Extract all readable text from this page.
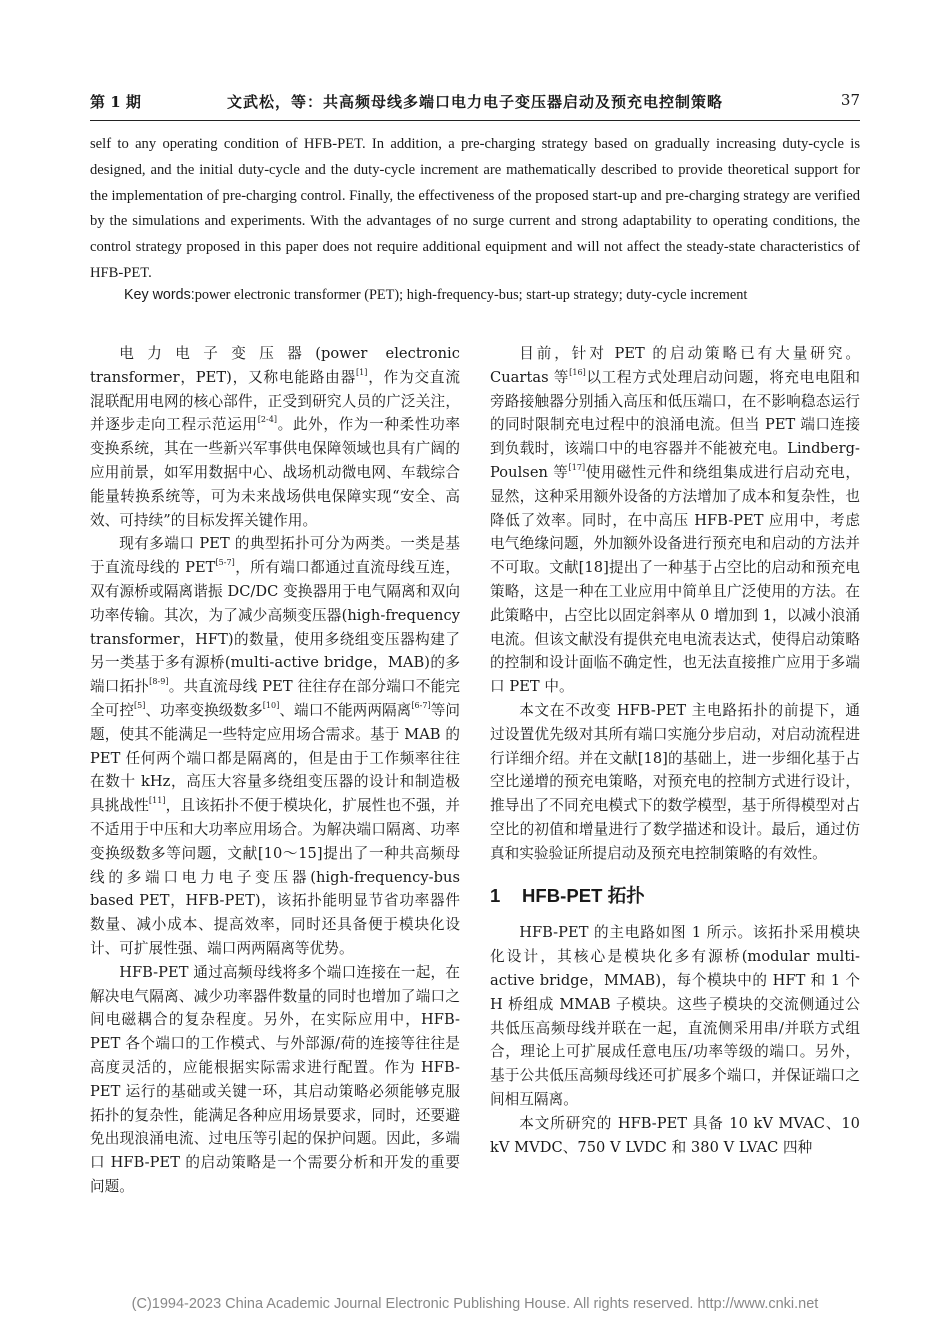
第 1 期	文武松，等：共高频母线多端口电力电子变压器启动及预充电控制策略	37
self to any operating condition of HFB-PET. In addition, a pre-charging strategy based on gradually increasing duty-cycle is designed, and the initial duty-cycle and the duty-cycle increment are mathematically described to provide theoretical support for the implementation of pre-charging control. Finally, the effectiveness of the proposed start-up and pre-charging strategy are verified by the simulations and experiments. With the advantages of no surge current and strong adaptability to operating conditions, the control strategy proposed in this paper does not require additional equipment and will not affect the steady-state characteristics of HFB-PET.
Key words:power electronic transformer (PET); high-frequency-bus; start-up strategy; duty-cycle increment

电力电子变压器(power electronic transformer，PET)，又称电能路由器[1]，作为交直流混联配用电网的核心部件，正受到研究人员的广泛关注，并逐步走向工程示范运用[2-4]。此外，作为一种柔性功率变换系统，其在一些新兴军事供电保障领域也具有广阔的应用前景，如军用数据中心、战场机动微电网、车载综合能量转换系统等，可为未来战场供电保障实现“安全、高效、可持续”的目标发挥关键作用。

现有多端口 PET 的典型拓扑可分为两类。一类是基于直流母线的 PET[5-7]，所有端口都通过直流母线互连，双有源桥或隔离谐振 DC/DC 变换器用于电气隔离和双向功率传输。其次，为了减少高频变压器(high-frequency transformer，HFT)的数量，使用多绕组变压器构建了另一类基于多有源桥(multi-active bridge，MAB)的多端口拓扑[8-9]。共直流母线 PET 往往存在部分端口不能完全可控[5]、功率变换级数多[10]、端口不能两两隔离[6-7]等问题，使其不能满足一些特定应用场合需求。基于 MAB 的 PET 任何两个端口都是隔离的，但是由于工作频率往往在数十 kHz，高压大容量多绕组变压器的设计和制造极具挑战性[11]，且该拓扑不便于模块化，扩展性也不强，并不适用于中压和大功率应用场合。为解决端口隔离、功率变换级数多等问题，文献[10～15]提出了一种共高频母线的多端口电力电子变压器(high-frequency-bus based PET，HFB-PET)，该拓扑能明显节省功率器件数量、减小成本、提高效率，同时还具备便于模块化设计、可扩展性强、端口两两隔离等优势。

HFB-PET 通过高频母线将多个端口连接在一起，在解决电气隔离、减少功率器件数量的同时也增加了端口之间电磁耦合的复杂程度。另外，在实际应用中，HFB-PET 各个端口的工作模式、与外部源/荷的连接等往往是高度灵活的，应能根据实际需求进行配置。作为 HFB-PET 运行的基础或关键一环，其启动策略必须能够克服拓扑的复杂性，能满足各种应用场景要求，同时，还要避免出现浪涌电流、过电压等引起的保护问题。因此，多端口 HFB-PET 的启动策略是一个需要分析和开发的重要问题。

目前，针对 PET 的启动策略已有大量研究。Cuartas 等[16]以工程方式处理启动问题，将充电电阻和旁路接触器分别插入高压和低压端口，在不影响稳态运行的同时限制充电过程中的浪涌电流。但当 PET 端口连接到负载时，该端口中的电容器并不能被充电。Lindberg-Poulsen 等[17]使用磁性元件和绕组集成进行启动充电，显然，这种采用额外设备的方法增加了成本和复杂性，也降低了效率。同时，在中高压 HFB-PET 应用中，考虑电气绝缘问题，外加额外设备进行预充电和启动的方法并不可取。文献[18]提出了一种基于占空比的启动和预充电策略，这是一种在工业应用中简单且广泛使用的方法。在此策略中，占空比以固定斜率从 0 增加到 1，以减小浪涌电流。但该文献没有提供充电电流表达式，使得启动策略的控制和设计面临不确定性，也无法直接推广应用于多端口 PET 中。

本文在不改变 HFB-PET 主电路拓扑的前提下，通过设置优先级对其所有端口实施分步启动，对启动流程进行详细介绍。并在文献[18]的基础上，进一步细化基于占空比递增的预充电策略，对预充电的控制方式进行设计，推导出了不同充电模式下的数学模型，基于所得模型对占空比的初值和增量进行了数学描述和设计。最后，通过仿真和实验验证所提启动及预充电控制策略的有效性。

1 HFB-PET 拓扑

HFB-PET 的主电路如图 1 所示。该拓扑采用模块化设计，其核心是模块化多有源桥(modular multi-active bridge，MMAB)，每个模块中的 HFT 和 1 个 H 桥组成 MMAB 子模块。这些子模块的交流侧通过公共低压高频母线并联在一起，直流侧采用串/并联方式组合，理论上可扩展成任意电压/功率等级的端口。另外，基于公共低压高频母线还可扩展多个端口，并保证端口之间相互隔离。

本文所研究的 HFB-PET 具备 10 kV MVAC、10 kV MVDC、750 V LVDC 和 380 V LVAC 四种

(C)1994-2023 China Academic Journal Electronic Publishing House. All rights reserved. http://www.cnki.net
